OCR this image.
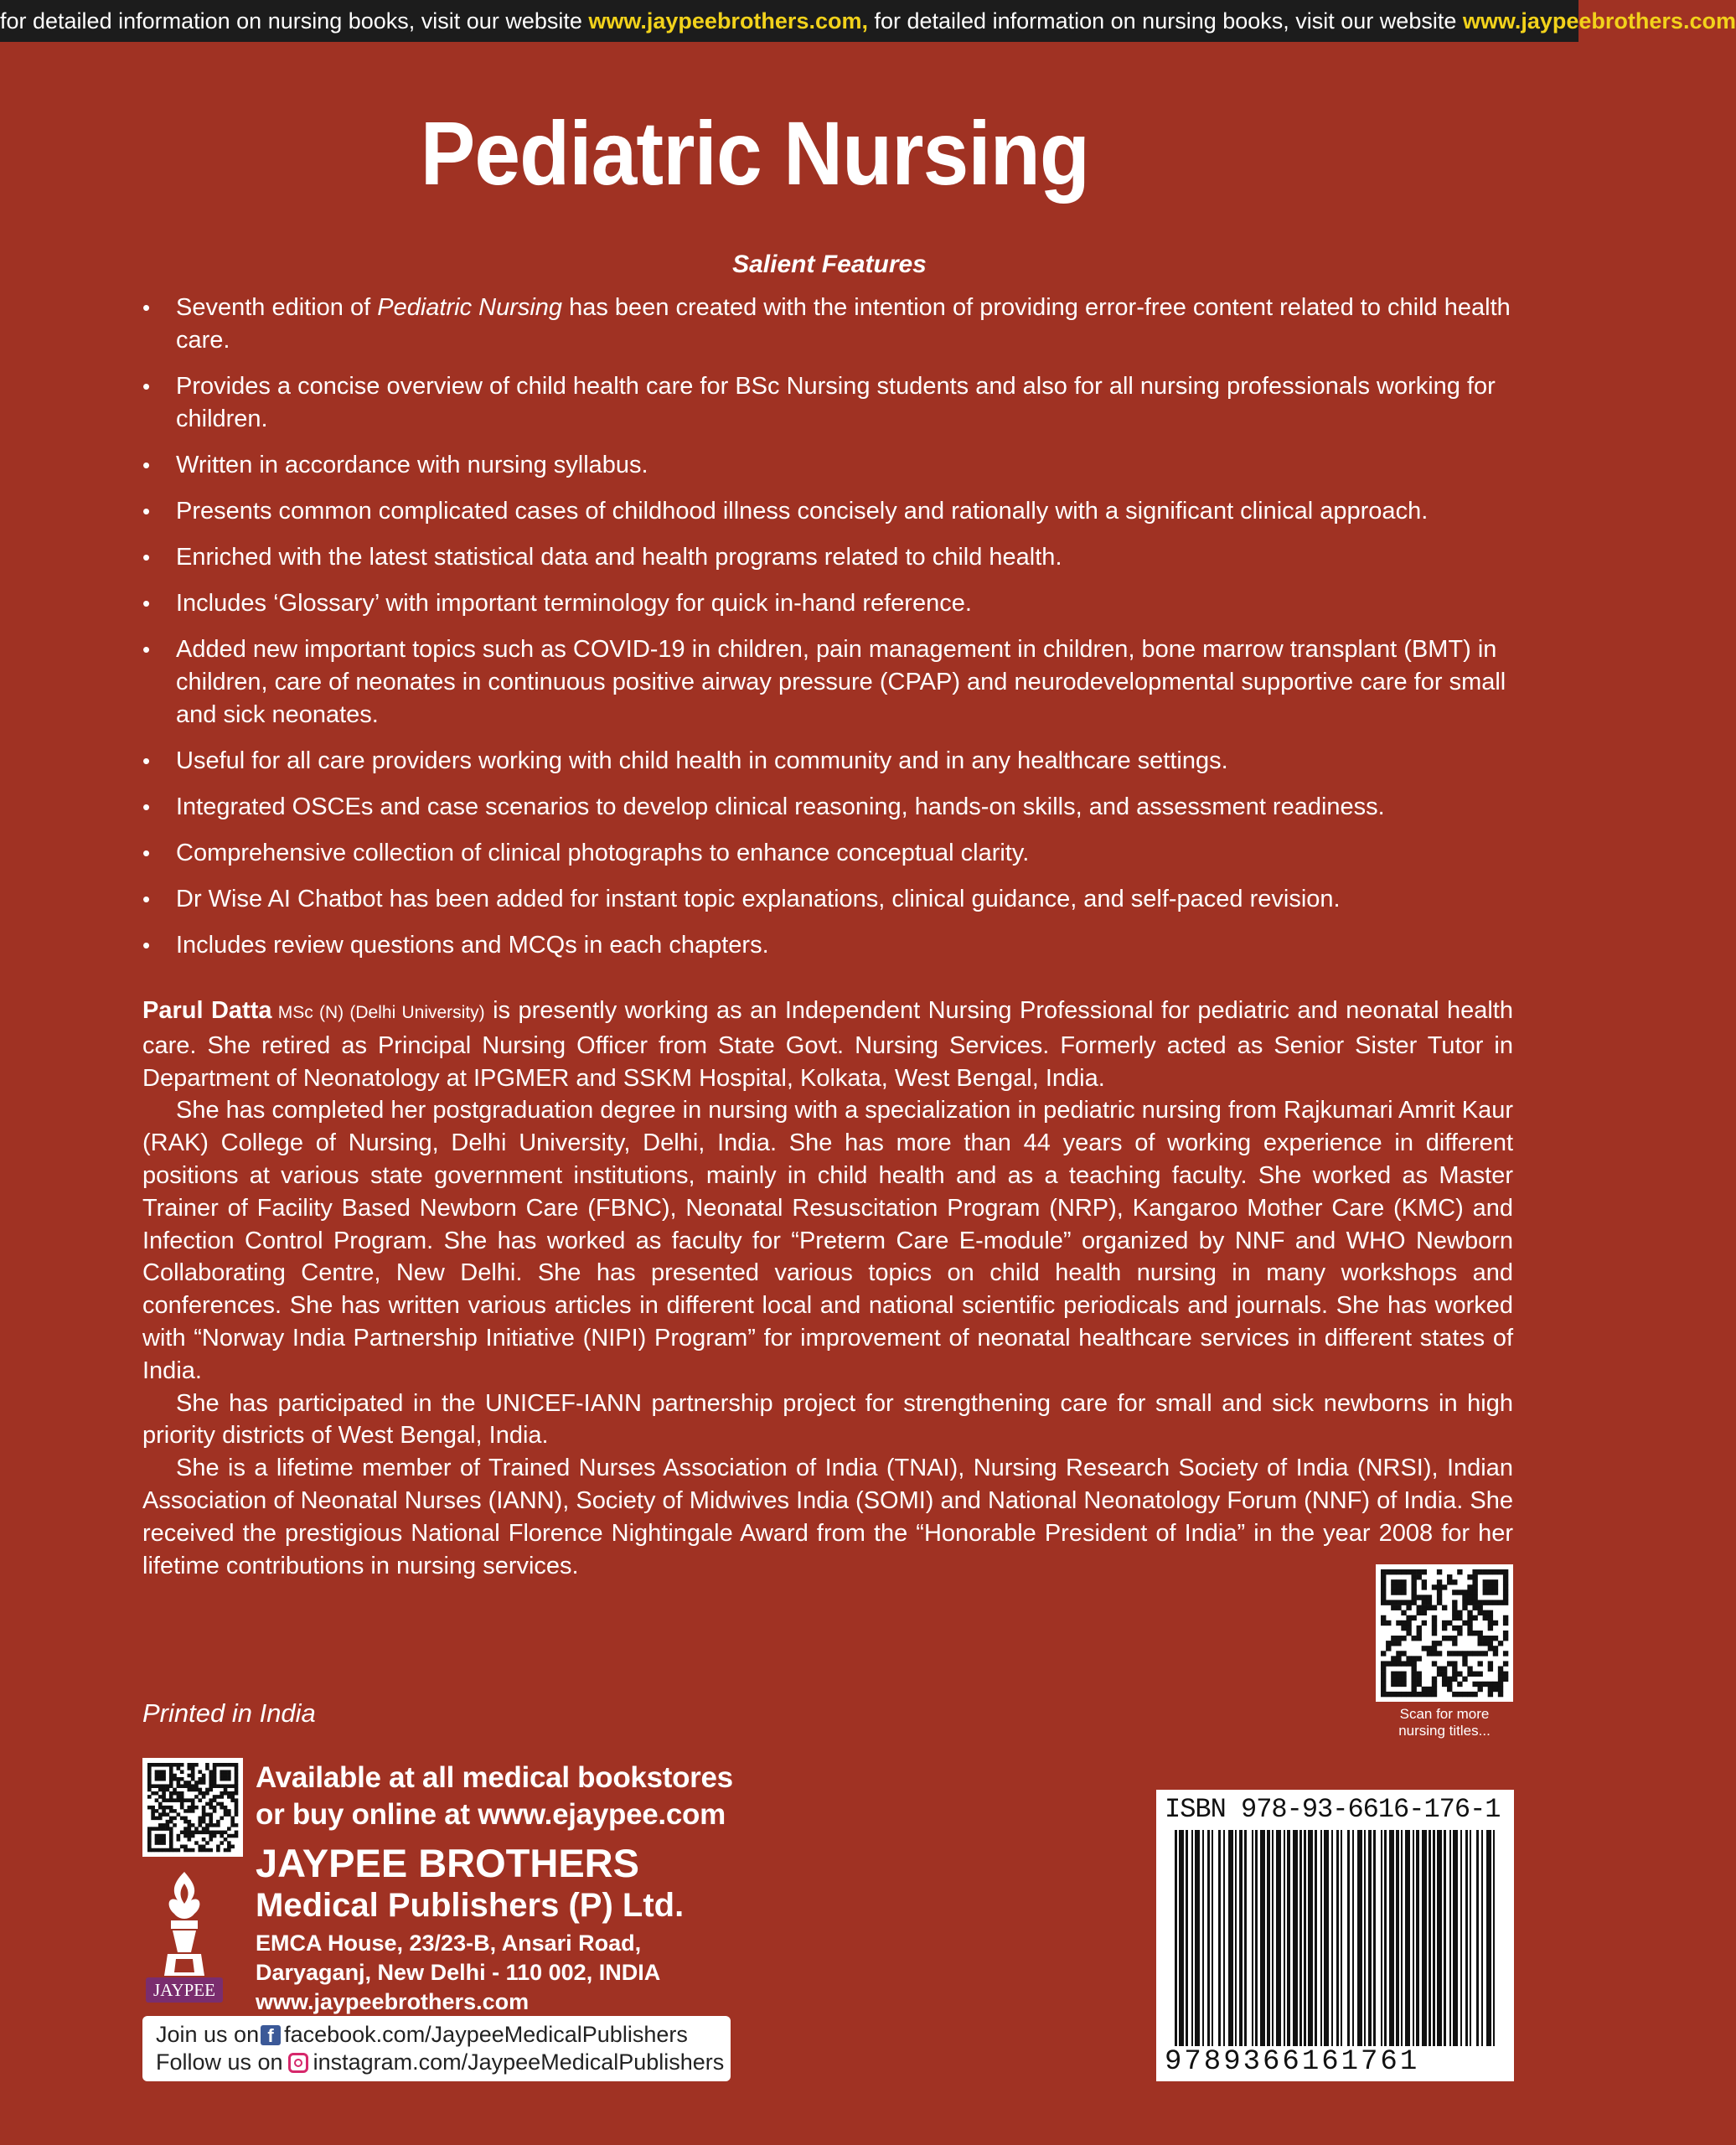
for detailed information on nursing books, visit our website www.jaypeebrothers.com, for detailed information on nursing books, visit our website www.jaypeebrothers.com
Pediatric Nursing
Salient Features
• Seventh edition of Pediatric Nursing has been created with the intention of providing error-free content related to child health care.
• Provides a concise overview of child health care for BSc Nursing students and also for all nursing professionals working for children.
• Written in accordance with nursing syllabus.
• Presents common complicated cases of childhood illness concisely and rationally with a significant clinical approach.
• Enriched with the latest statistical data and health programs related to child health.
• Includes ‘Glossary’ with important terminology for quick in-hand reference.
• Added new important topics such as COVID-19 in children, pain management in children, bone marrow transplant (BMT) in children, care of neonates in continuous positive airway pressure (CPAP) and neurodevelopmental supportive care for small and sick neonates.
• Useful for all care providers working with child health in community and in any healthcare settings.
• Integrated OSCEs and case scenarios to develop clinical reasoning, hands-on skills, and assessment readiness.
• Comprehensive collection of clinical photographs to enhance conceptual clarity.
• Dr Wise AI Chatbot has been added for instant topic explanations, clinical guidance, and self-paced revision.
• Includes review questions and MCQs in each chapters.

Parul Datta MSc (N) (Delhi University) is presently working as an Independent Nursing Professional for pediatric and neonatal health care. She retired as Principal Nursing Officer from State Govt. Nursing Services. Formerly acted as Senior Sister Tutor in Department of Neonatology at IPGMER and SSKM Hospital, Kolkata, West Bengal, India.

She has completed her postgraduation degree in nursing with a specialization in pediatric nursing from Rajkumari Amrit Kaur (RAK) College of Nursing, Delhi University, Delhi, India. She has more than 44 years of working experience in different positions at various state government institutions, mainly in child health and as a teaching faculty. She worked as Master Trainer of Facility Based Newborn Care (FBNC), Neonatal Resuscitation Program (NRP), Kangaroo Mother Care (KMC) and Infection Control Program. She has worked as faculty for “Preterm Care E-module” organized by NNF and WHO Newborn Collaborating Centre, New Delhi. She has presented various topics on child health nursing in many workshops and conferences. She has written various articles in different local and national scientific periodicals and journals. She has worked with “Norway India Partnership Initiative (NIPI) Program” for improvement of neonatal healthcare services in different states of India.

She has participated in the UNICEF-IANN partnership project for strengthening care for small and sick newborns in high priority districts of West Bengal, India.

She is a lifetime member of Trained Nurses Association of India (TNAI), Nursing Research Society of India (NRSI), Indian Association of Neonatal Nurses (IANN), Society of Midwives India (SOMI) and National Neonatology Forum (NNF) of India. She received the prestigious National Florence Nightingale Award from the “Honorable President of India” in the year 2008 for her lifetime contributions in nursing services.

Scan for more
nursing titles...
Printed in India
Available at all medical bookstores
or buy online at www.ejaypee.com
JAYPEE
JAYPEE BROTHERS
Medical Publishers (P) Ltd.
EMCA House, 23/23-B, Ansari Road,
Daryaganj, New Delhi - 110 002, INDIA
www.jaypeebrothers.com
Join us on f facebook.com/JaypeeMedicalPublishers
Follow us on instagram.com/JaypeeMedicalPublishers
ISBN 978-93-6616-176-1
9789366161761
